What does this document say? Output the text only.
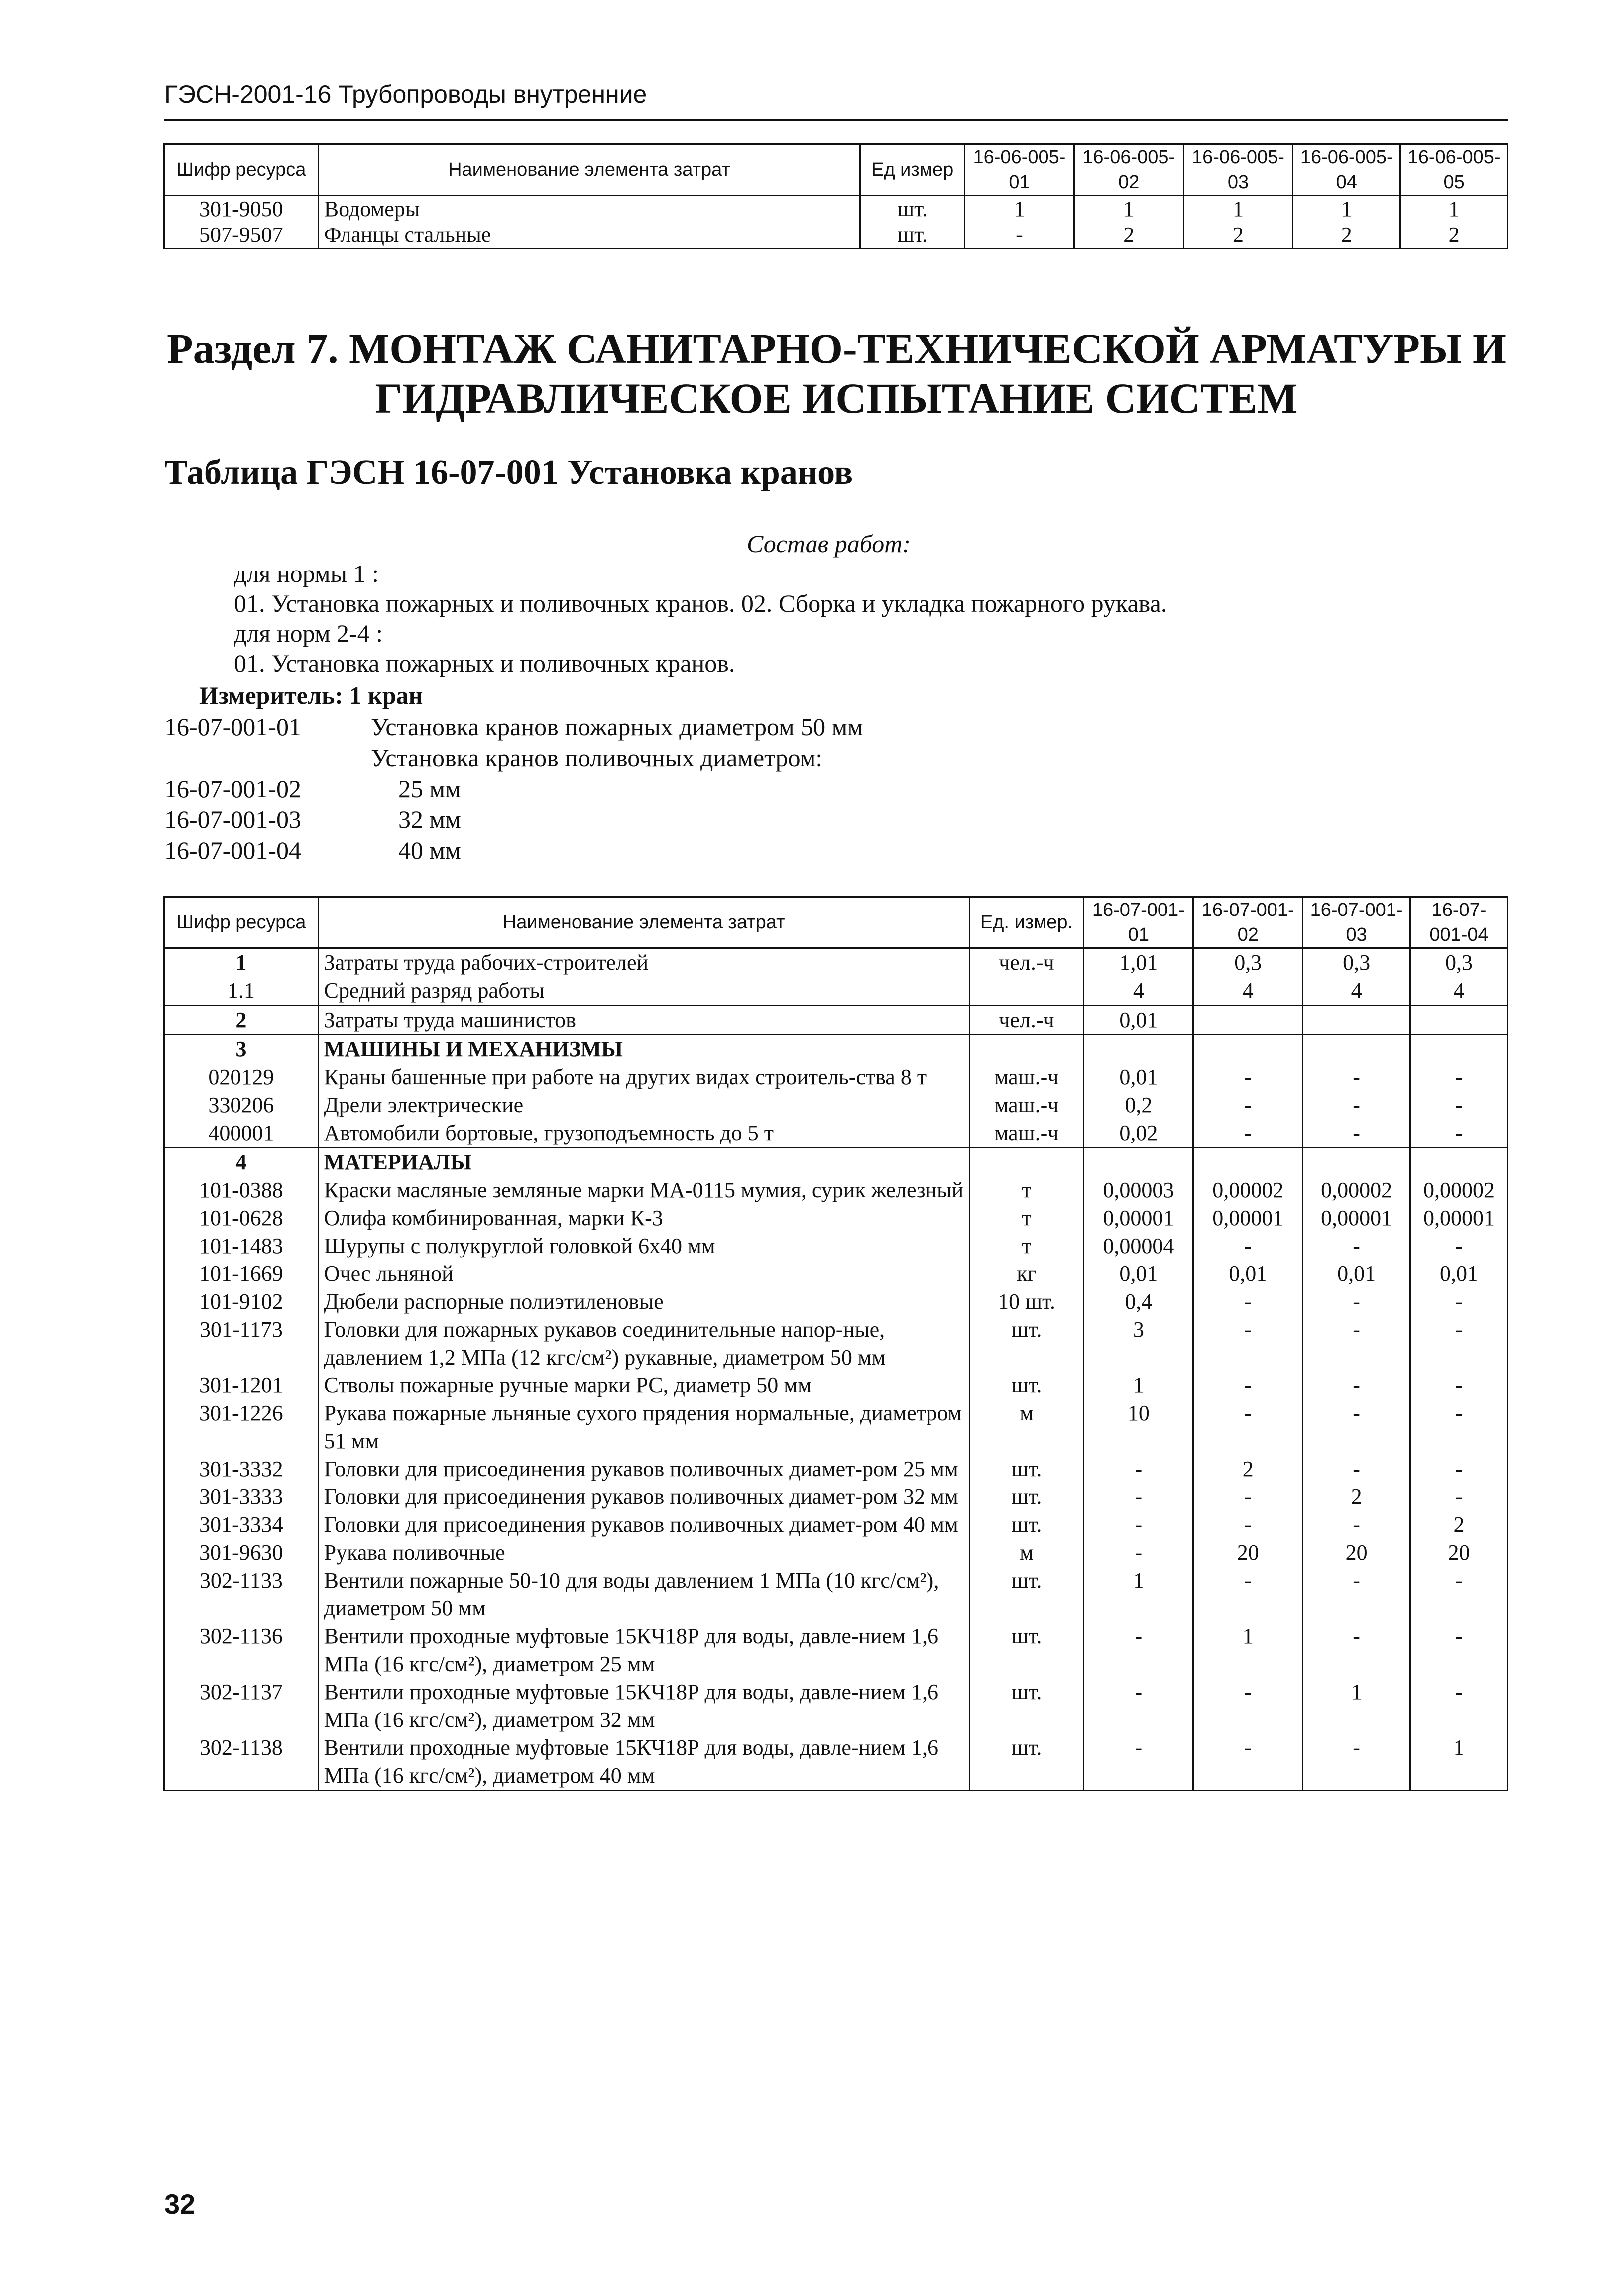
ГЭСН-2001-16 Трубопроводы внутренние
Шифр ресурса	Наименование элемента затрат	Ед измер	16-06-005-01	16-06-005-02	16-06-005-03	16-06-005-04	16-06-005-05
301-9050	Водомеры	шт.	1	1	1	1	1
507-9507	Фланцы стальные	шт.	-	2	2	2	2
Раздел 7. МОНТАЖ САНИТАРНО-ТЕХНИЧЕСКОЙ АРМАТУРЫ И
ГИДРАВЛИЧЕСКОЕ ИСПЫТАНИЕ СИСТЕМ
Таблица ГЭСН 16-07-001 Установка кранов
Состав работ:
для нормы 1 :
01. Установка пожарных и поливочных кранов. 02. Сборка и укладка пожарного рукава.
для норм 2-4 :
01. Установка пожарных и поливочных кранов.
Измеритель: 1 кран
16-07-001-01	Установка кранов пожарных диаметром 50 мм
Установка кранов поливочных диаметром:
16-07-001-02	25 мм
16-07-001-03	32 мм
16-07-001-04	40 мм
Шифр ресурса	Наименование элемента затрат	Ед. измер.	16-07-001-01	16-07-001-02	16-07-001-03	16-07-001-04
1	Затраты труда рабочих-строителей	чел.-ч	1,01	0,3	0,3	0,3
1.1	Средний разряд работы		4	4	4	4
2	Затраты труда машинистов	чел.-ч	0,01			
3	МАШИНЫ И МЕХАНИЗМЫ					
020129	Краны башенные при работе на других видах строитель-ства 8 т	маш.-ч	0,01	-	-	-
330206	Дрели электрические	маш.-ч	0,2	-	-	-
400001	Автомобили бортовые, грузоподъемность до 5 т	маш.-ч	0,02	-	-	-
4	МАТЕРИАЛЫ					
101-0388	Краски масляные земляные марки МА-0115 мумия, сурик железный	т	0,00003	0,00002	0,00002	0,00002
101-0628	Олифа комбинированная, марки К-3	т	0,00001	0,00001	0,00001	0,00001
101-1483	Шурупы с полукруглой головкой 6х40 мм	т	0,00004	-	-	-
101-1669	Очес льняной	кг	0,01	0,01	0,01	0,01
101-9102	Дюбели распорные полиэтиленовые	10 шт.	0,4	-	-	-
301-1173	Головки для пожарных рукавов соединительные напор-ные, давлением 1,2 МПа (12 кгс/см²) рукавные, диаметром 50 мм	шт.	3	-	-	-
301-1201	Стволы пожарные ручные марки РС, диаметр 50 мм	шт.	1	-	-	-
301-1226	Рукава пожарные льняные сухого прядения нормальные, диаметром 51 мм	м	10	-	-	-
301-3332	Головки для присоединения рукавов поливочных диамет-ром 25 мм	шт.	-	2	-	-
301-3333	Головки для присоединения рукавов поливочных диамет-ром 32 мм	шт.	-	-	2	-
301-3334	Головки для присоединения рукавов поливочных диамет-ром 40 мм	шт.	-	-	-	2
301-9630	Рукава поливочные	м	-	20	20	20
302-1133	Вентили пожарные 50-10 для воды давлением 1 МПа (10 кгс/см²), диаметром 50 мм	шт.	1	-	-	-
302-1136	Вентили проходные муфтовые 15КЧ18Р для воды, давле-нием 1,6 МПа (16 кгс/см²), диаметром 25 мм	шт.	-	1	-	-
302-1137	Вентили проходные муфтовые 15КЧ18Р для воды, давле-нием 1,6 МПа (16 кгс/см²), диаметром 32 мм	шт.	-	-	1	-
302-1138	Вентили проходные муфтовые 15КЧ18Р для воды, давле-нием 1,6 МПа (16 кгс/см²), диаметром 40 мм	шт.	-	-	-	1
32
